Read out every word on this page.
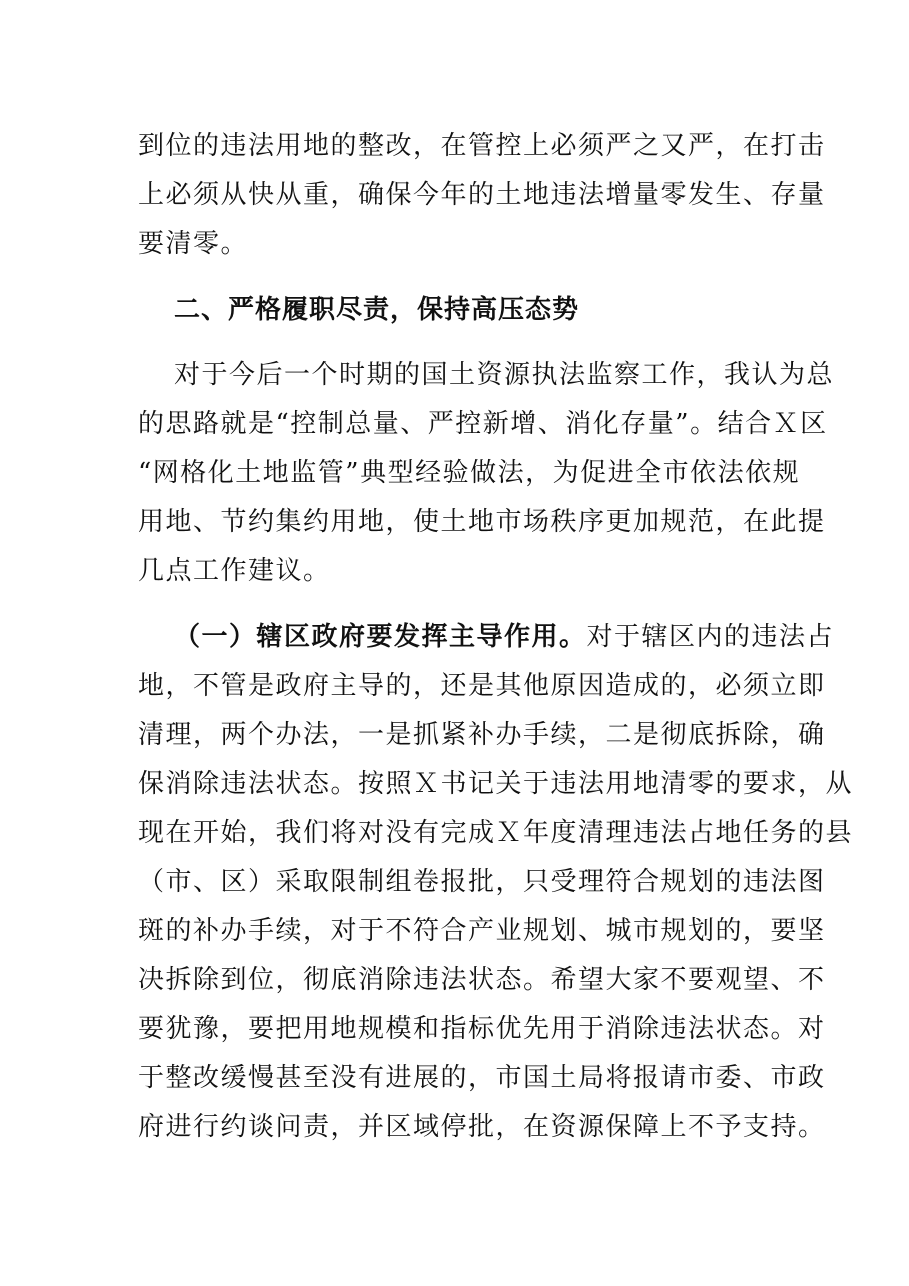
到位的违法用地的整改，在管控上必须严之又严，在打击
上必须从快从重，确保今年的土地违法增量零发生、存量
要清零。
二、严格履职尽责，保持高压态势
对于今后一个时期的国土资源执法监察工作，我认为总
的思路就是“控制总量、严控新增、消化存量”。结合Ｘ区
“网格化土地监管”典型经验做法，为促进全市依法依规
用地、节约集约用地，使土地市场秩序更加规范，在此提
几点工作建议。
（一）辖区政府要发挥主导作用。 对于辖区内的违法占
地，不管是政府主导的，还是其他原因造成的，必须立即
清理，两个办法，一是抓紧补办手续，二是彻底拆除，确
保消除违法状态。按照Ｘ书记关于违法用地清零的要求，从
现在开始，我们将对没有完成Ｘ年度清理违法占地任务的县
（市、区）采取限制组卷报批，只受理符合规划的违法图
斑的补办手续，对于不符合产业规划、城市规划的，要坚
决拆除到位，彻底消除违法状态。希望大家不要观望、不
要犹豫，要把用地规模和指标优先用于消除违法状态。对
于整改缓慢甚至没有进展的，市国土局将报请市委、市政
府进行约谈问责，并区域停批，在资源保障上不予支持。
